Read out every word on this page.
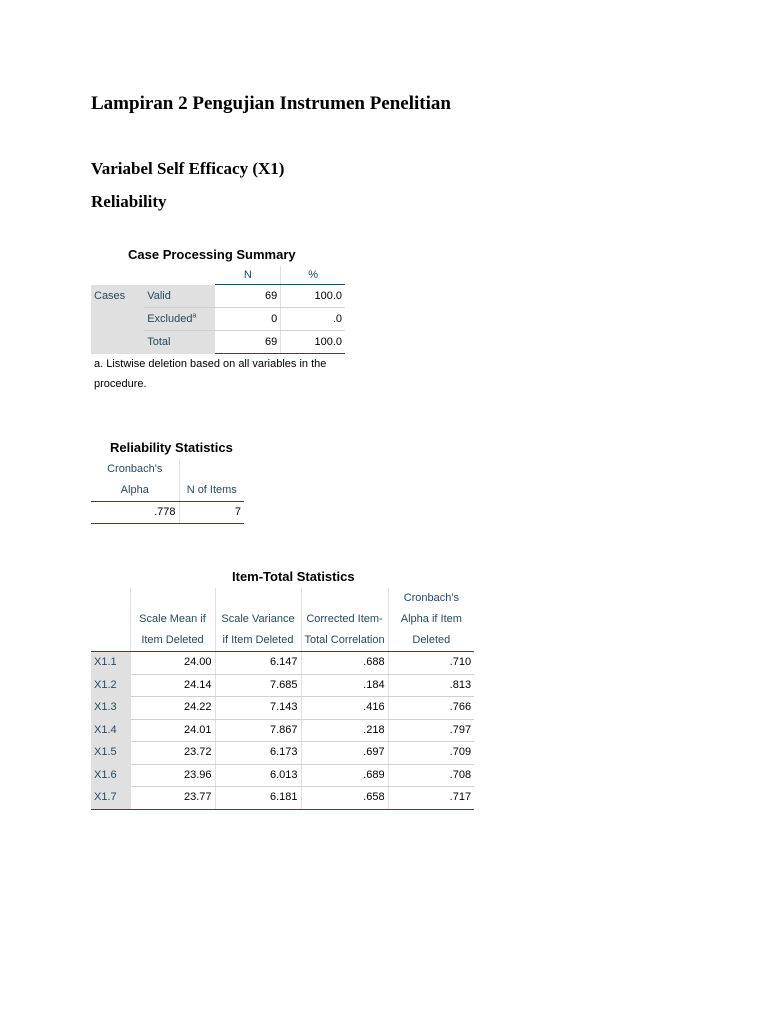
Lampiran 2 Pengujian Instrumen Penelitian
Variabel Self Efficacy (X1)
Reliability
Case Processing Summary
		N	%
Cases	Valid	69	100.0
	Excluded$^a$	0	.0
	Total	69	100.0
a. Listwise deletion based on all variables in the
procedure.
Reliability Statistics
Cronbach's	
Alpha	N of Items
.778	7
Item-Total Statistics
				Cronbach's
	Scale Mean if	Scale Variance	Corrected Item-	Alpha if Item
	Item Deleted	if Item Deleted	Total Correlation	Deleted
X1.1	24.00	6.147	.688	.710
X1.2	24.14	7.685	.184	.813
X1.3	24.22	7.143	.416	.766
X1.4	24.01	7.867	.218	.797
X1.5	23.72	6.173	.697	.709
X1.6	23.96	6.013	.689	.708
X1.7	23.77	6.181	.658	.717
